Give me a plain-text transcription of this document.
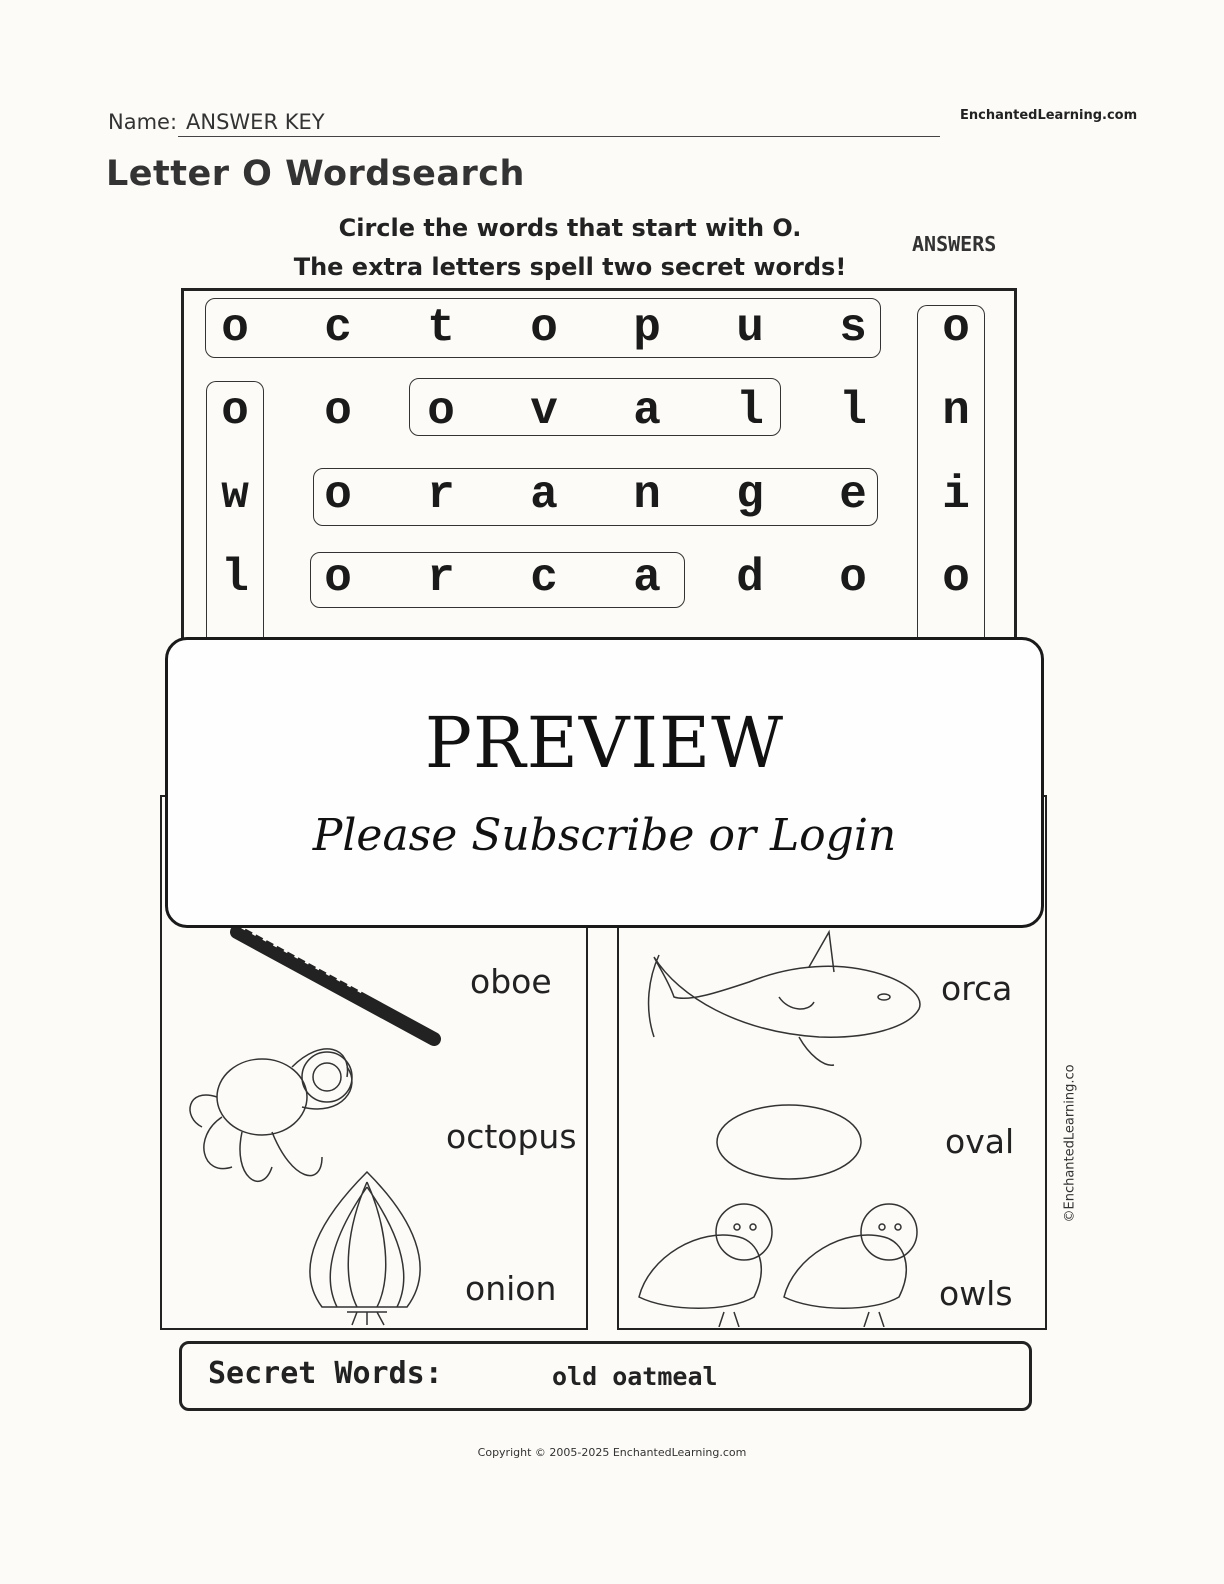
Name: ANSWER KEY	EnchantedLearning.com
Letter O Wordsearch
Circle the words that start with O.
The extra letters spell two secret words!
ANSWERS
o	c	t	o	p	u	s	o
o	o	o	v	a	l	l	n
w	o	r	a	n	g	e	i
l	o	r	c	a	d	o	o
oboe
octopus
onion
orca
oval
owls
©EnchantedLearning.co
PREVIEW
Please Subscribe or Login
Secret Words:	old oatmeal
Copyright © 2005-2025 EnchantedLearning.com
